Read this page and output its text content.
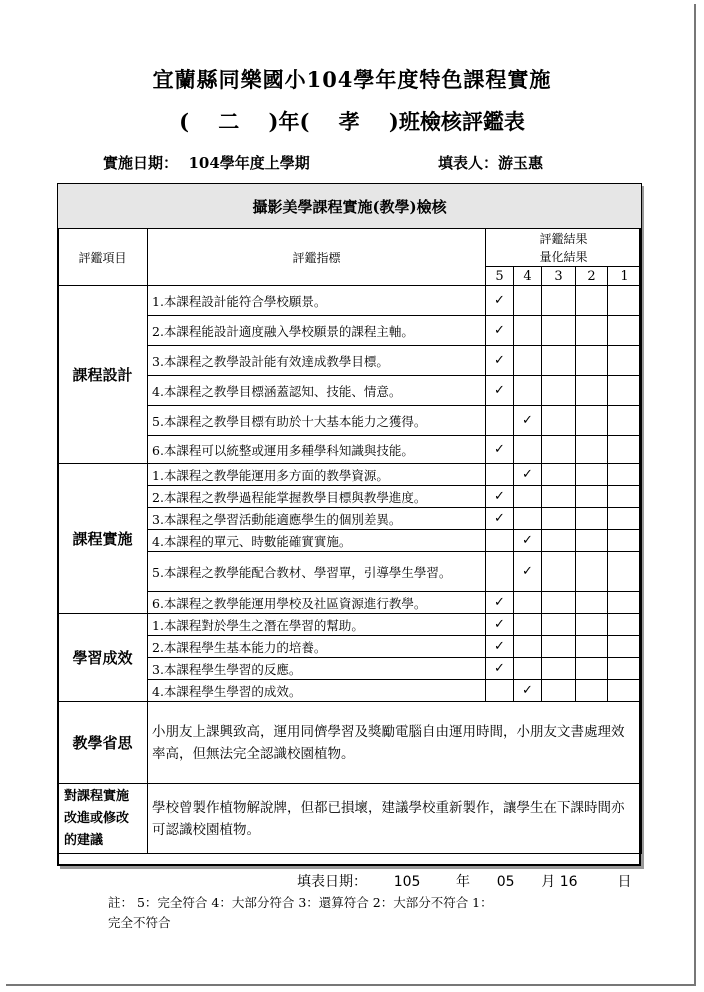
宜蘭縣同樂國小104學年度特色課程實施
(    二    )年(    孝    )班檢核評鑑表
實施日期：  104學年度上學期	填表人：游玉惠
攝影美學課程實施(教學)檢核						
評鑑項目	評鑑指標	評鑑結果
量化結果				

		5	4	3	2	1
課程設計	1.本課程設計能符合學校願景。	✓				
	2.本課程能設計適度融入學校願景的課程主軸。	✓				
	3.本課程之教學設計能有效達成教學目標。	✓				
	4.本課程之教學目標涵蓋認知、技能、情意。	✓				
	5.本課程之教學目標有助於十大基本能力之獲得。		✓			
	6.本課程可以統整或運用多種學科知識與技能。	✓				
課程實施	1.本課程之教學能運用多方面的教學資源。		✓			
	2.本課程之教學過程能掌握教學目標與教學進度。	✓				
	3.本課程之學習活動能適應學生的個別差異。	✓				
	4.本課程的單元、時數能確實實施。		✓			
	5.本課程之教學能配合教材、學習單，引導學生學習。		✓			
	6.本課程之教學能運用學校及社區資源進行教學。	✓				
學習成效	1.本課程對於學生之潛在學習的幫助。	✓				
	2.本課程學生基本能力的培養。	✓				
	3.本課程學生學習的反應。	✓				
	4.本課程學生學習的成效。		✓			
教學省思	小朋友上課興致高，運用同儕學習及獎勵電腦自由運用時間，小朋友文書處理效率高，但無法完全認識校園植物。					

對課程實施
改進或修改
的建議	學校曾製作植物解說牌，但都已損壞，建議學校重新製作，讓學生在下課時間亦可認識校園植物。					
填表日期：      105        年      05      月 16         日
註： 5：完全符合 4：大部分符合 3：還算符合 2：大部分不符合 1：
完全不符合
